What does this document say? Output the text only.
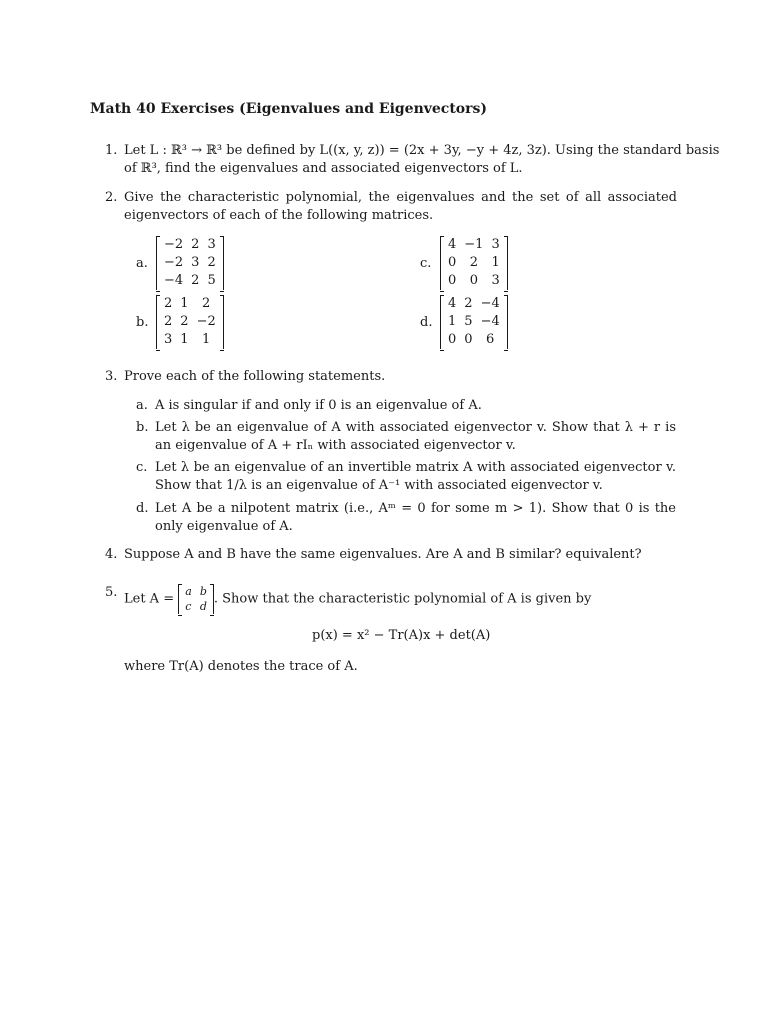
Math 40 Exercises (Eigenvalues and Eigenvectors)
1. Let L : ℝ³ → ℝ³ be defined by L((x, y, z)) = (2x + 3y, −y + 4z, 3z). Using the standard basis
of ℝ³, find the eigenvalues and associated eigenvectors of L.
2. Give the characteristic polynomial, the eigenvalues and the set of all associated eigenvectors of each of the following matrices.
a.
−2	2	3
−2	3	2
−4	2	5
c.
4	−1	3
0	2	1
0	0	3
b.
2	1	2
2	2	−2
3	1	1
d.
4	2	−4
1	5	−4
0	0	6
3. Prove each of the following statements.
a. A is singular if and only if 0 is an eigenvalue of A.
b. Let λ be an eigenvalue of A with associated eigenvector v. Show that λ + r is an eigenvalue of A + rIₙ with associated eigenvector v.
c. Let λ be an eigenvalue of an invertible matrix A with associated eigenvector v. Show that 1/λ is an eigenvalue of A⁻¹ with associated eigenvector v.
d. Let A be a nilpotent matrix (i.e., Aᵐ = 0 for some m > 1). Show that 0 is the only eigenvalue of A.
4. Suppose A and B have the same eigenvalues. Are A and B similar? equivalent?
5. Let A = a	b
c	d . Show that the characteristic polynomial of A is given by
p(x) = x² − Tr(A)x + det(A)
where Tr(A) denotes the trace of A.
